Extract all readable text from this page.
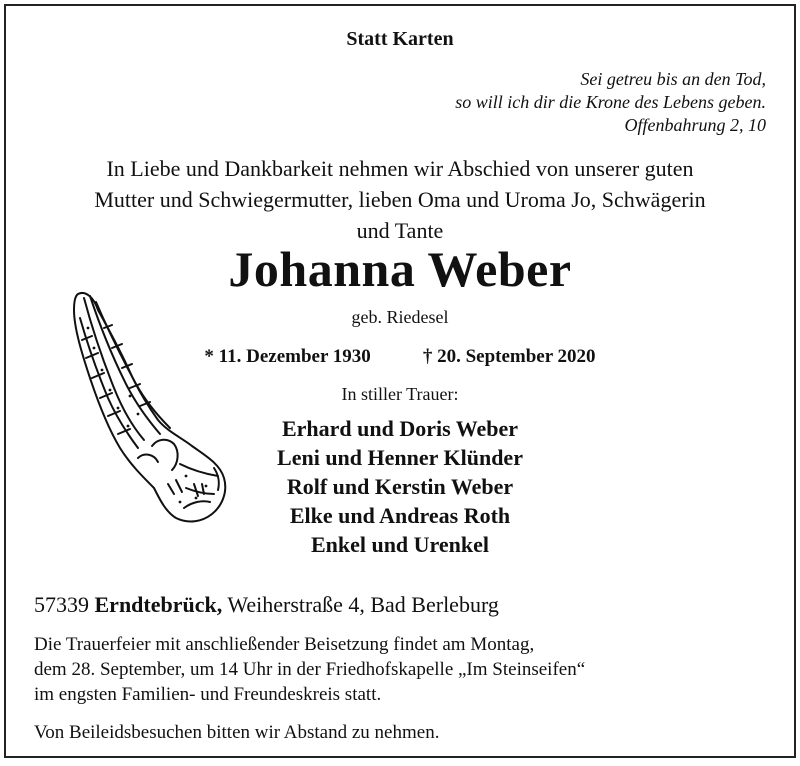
Statt Karten
Sei getreu bis an den Tod,
so will ich dir die Krone des Lebens geben.
Offenbahrung 2, 10
In Liebe und Dankbarkeit nehmen wir Abschied von unserer guten
Mutter und Schwiegermutter, lieben Oma und Uroma Jo, Schwägerin
und Tante
Johanna Weber
geb. Riedesel
* 11. Dezember 1930	† 20. September 2020
In stiller Trauer:
Erhard und Doris Weber
Leni und Henner Klünder
Rolf und Kerstin Weber
Elke und Andreas Roth
Enkel und Urenkel
57339 Erndtebrück, Weiherstraße 4, Bad Berleburg
Die Trauerfeier mit anschließender Beisetzung findet am Montag,
dem 28. September, um 14 Uhr in der Friedhofskapelle „Im Steinseifen“
im engsten Familien- und Freundeskreis statt.
Von Beileidsbesuchen bitten wir Abstand zu nehmen.
